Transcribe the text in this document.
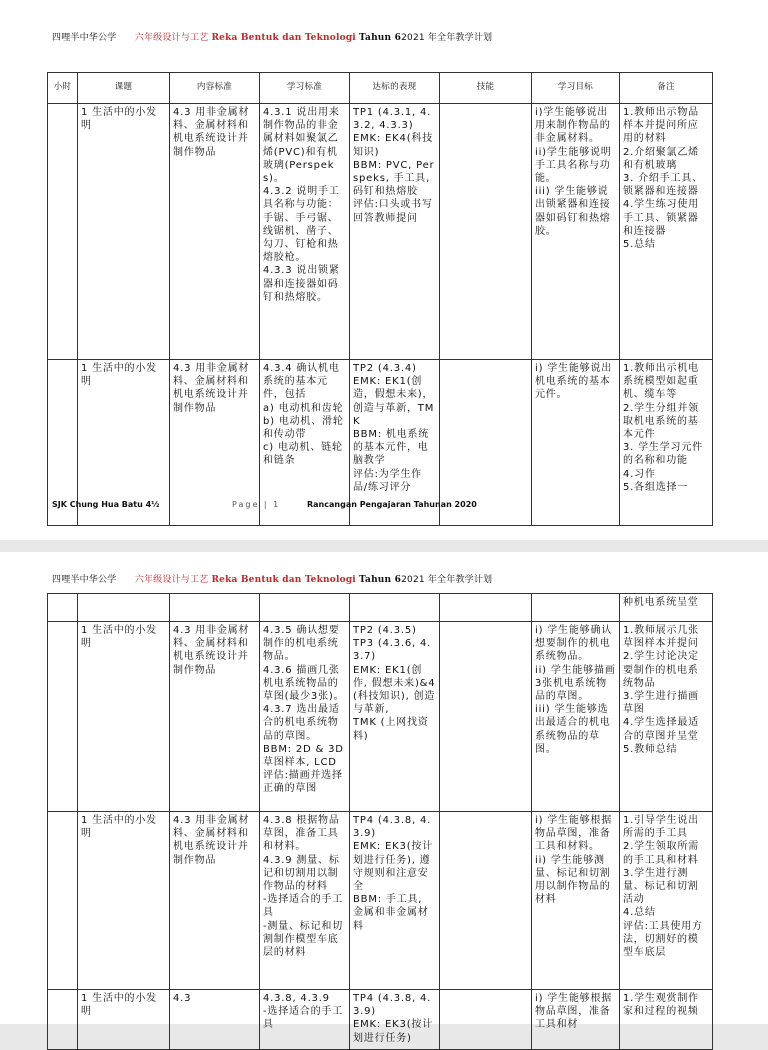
四哩半中华公学 六年级设计与工艺 Reka Bentuk dan Teknologi Tahun 62021 年全年教学计划
小时	课题	内容标准	学习标准	达标的表现	技能	学习目标	备注
	1 生活中的小发明	4.3 用非金属材料、金属材料和机电系统设计并制作物品	4.3.1 说出用来制作物品的非金属材料如聚氯乙烯(PVC)和有机玻璃(Perspeks)。
4.3.2 说明手工具名称与功能：手锯、手弓锯、线锯机、凿子、勾刀、钉枪和热熔胶枪。
4.3.3 说出锁紧器和连接器如码钉和热熔胶。	TP1 (4.3.1, 4.3.2, 4.3.3)
EMK: EK4(科技知识)
BBM: PVC, Perspeks, 手工具, 码钉和热熔胶
评估:口头或书写回答教师提问		i)学生能够说出用来制作物品的非金属材料。
ii)学生能够说明手工具名称与功能。
iii) 学生能够说出锁紧器和连接器如码钉和热熔胶。	1.教师出示物品样本并提问所应用的材料
2.介绍聚氯乙烯和有机玻璃
3. 介绍手工具、锁紧器和连接器
4.学生练习使用手工具、锁紧器和连接器
5.总结
	1 生活中的小发明	4.3 用非金属材料、金属材料和机电系统设计并制作物品	4.3.4 确认机电系统的基本元件，包括
a) 电动机和齿轮
b) 电动机、滑轮和传动带
c) 电动机、链轮和链条	TP2 (4.3.4)
EMK: EK1(创造，假想未来)，创造与革新，TMK
BBM: 机电系统的基本元件，电脑教学
评估:为学生作品/练习评分		i) 学生能够说出机电系统的基本元件。	1.教师出示机电系统模型如起重机、缆车等
2.学生分组并领取机电系统的基本元件
3. 学生学习元件的名称和功能
4.习作
5.各组选择一
SJK Chung Hua Batu 4½	Page | 1	Rancangan Pengajaran Tahunan 2020
四哩半中华公学 六年级设计与工艺 Reka Bentuk dan Teknologi Tahun 62021 年全年教学计划
							种机电系统呈堂
	1 生活中的小发明	4.3 用非金属材料、金属材料和机电系统设计并制作物品	4.3.5 确认想要制作的机电系统物品。
4.3.6 描画几张机电系统物品的草图(最少3张)。
4.3.7 选出最适合的机电系统物品的草图。
BBM: 2D & 3D 草图样本, LCD
评估:描画并选择正确的草图	TP2 (4.3.5)
TP3 (4.3.6, 4.3.7)
EMK: EK1(创作, 假想未来)&4(科技知识), 创造与革新,
TMK (上网找资料)		i) 学生能够确认想要制作的机电系统物品。
ii) 学生能够描画3张机电系统物品的草图。
iii) 学生能够选出最适合的机电系统物品的草图。	1.教师展示几张草图样本并提问
2.学生讨论决定要制作的机电系统物品
3.学生进行描画草图
4.学生选择最适合的草图并呈堂
5.教师总结
	1 生活中的小发明	4.3 用非金属材料、金属材料和机电系统设计并制作物品	4.3.8 根据物品草图，准备工具和材料。
4.3.9 测量、标记和切割用以制作物品的材料
-选择适合的手工具
-测量、标记和切割制作模型车底层的材料	TP4 (4.3.8, 4.3.9)
EMK: EK3(按计划进行任务), 遵守规则和注意安全
BBM: 手工具, 金属和非金属材料		i) 学生能够根据物品草图，准备工具和材料。
ii) 学生能够测量、标记和切割用以制作物品的材料	1.引导学生说出所需的手工具
2.学生领取所需的手工具和材料
3.学生进行测量、标记和切割活动
4.总结
评估:工具使用方法，切割好的模型车底层
	1 生活中的小发明	4.3	4.3.8, 4.3.9
-选择适合的手工具	TP4 (4.3.8, 4.3.9)
EMK: EK3(按计划进行任务)		i) 学生能够根据物品草图，准备工具和材	1.学生观赏制作家和过程的视频
